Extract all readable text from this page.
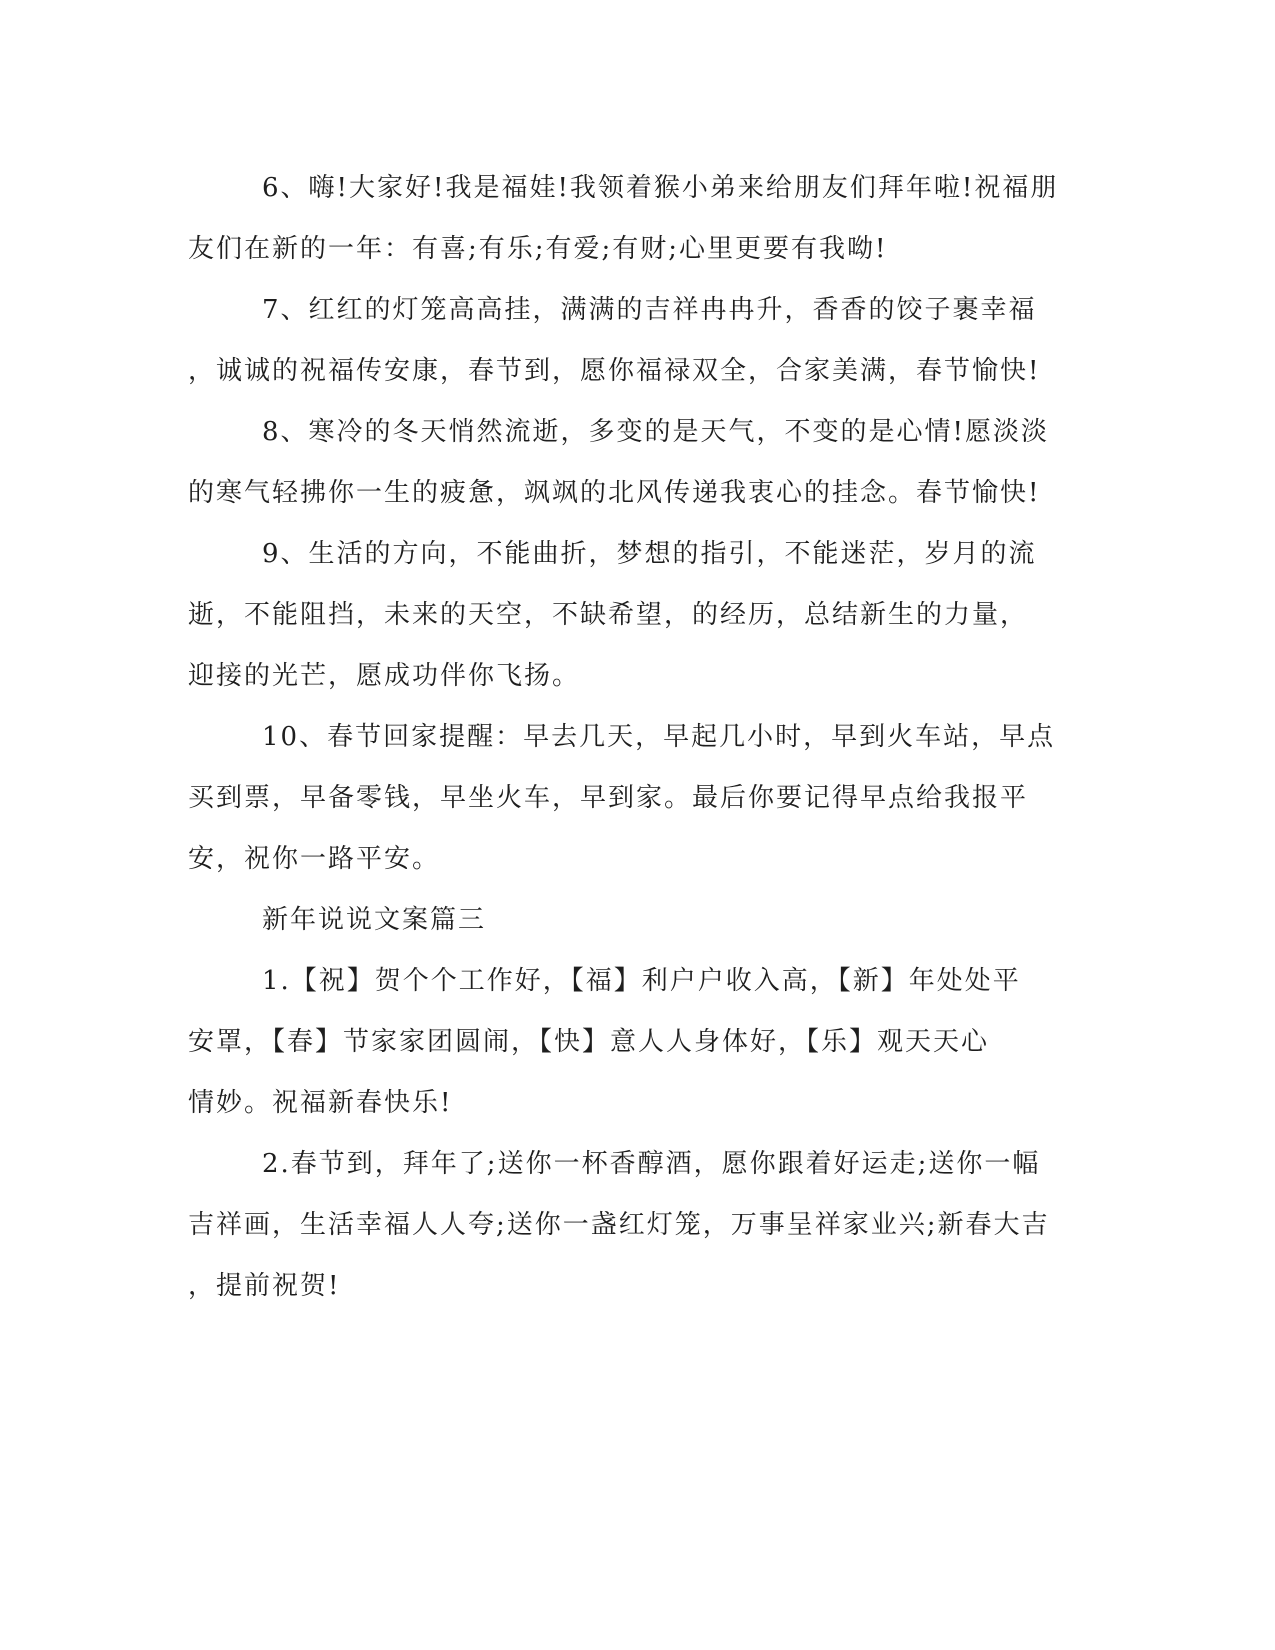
6、嗨!大家好!我是福娃!我领着猴小弟来给朋友们拜年啦!祝福朋
友们在新的一年：有喜;有乐;有爱;有财;心里更要有我呦!
7、红红的灯笼高高挂，满满的吉祥冉冉升，香香的饺子裹幸福
，诚诚的祝福传安康，春节到，愿你福禄双全，合家美满，春节愉快!
8、寒冷的冬天悄然流逝，多变的是天气，不变的是心情!愿淡淡
的寒气轻拂你一生的疲惫，飒飒的北风传递我衷心的挂念。春节愉快!
9、生活的方向，不能曲折，梦想的指引，不能迷茫，岁月的流
逝，不能阻挡，未来的天空，不缺希望，的经历，总结新生的力量，
迎接的光芒，愿成功伴你飞扬。
10、春节回家提醒：早去几天，早起几小时，早到火车站，早点
买到票，早备零钱，早坐火车，早到家。最后你要记得早点给我报平
安，祝你一路平安。
新年说说文案篇三
1.【祝】贺个个工作好，【福】利户户收入高，【新】年处处平
安罩，【春】节家家团圆闹，【快】意人人身体好，【乐】观天天心
情妙。祝福新春快乐!
2.春节到，拜年了;送你一杯香醇酒，愿你跟着好运走;送你一幅
吉祥画，生活幸福人人夸;送你一盏红灯笼，万事呈祥家业兴;新春大吉
，提前祝贺!
